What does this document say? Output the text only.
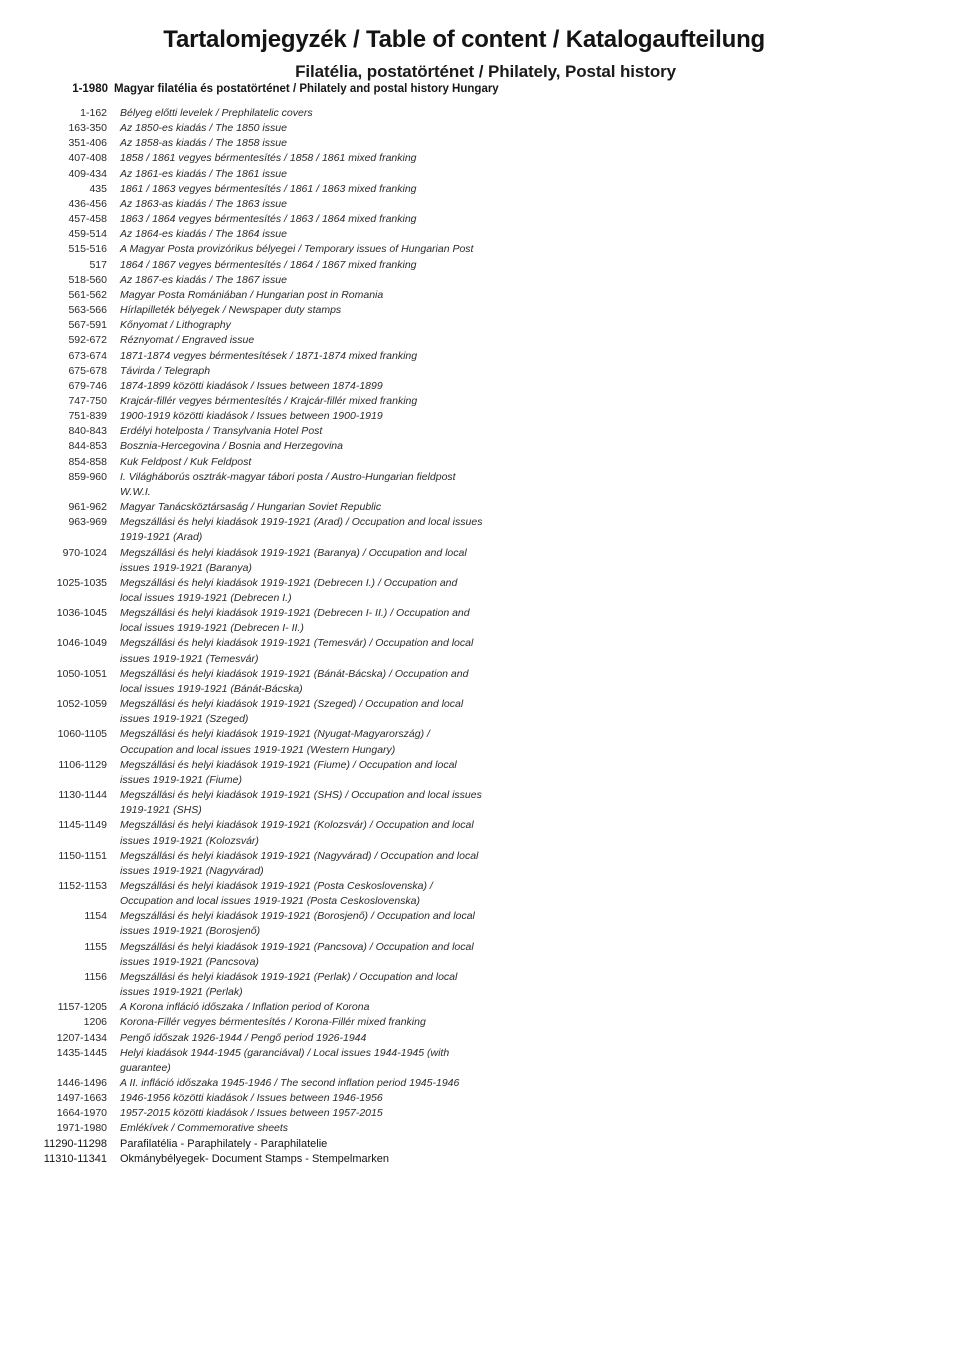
Tartalomjegyzék / Table of content / Katalogaufteilung
Filatélia, postatörténet / Philately, Postal history
1-1980 Magyar filatélia és postatörténet / Philately and postal history Hungary
1-162 Bélyeg előtti levelek / Prephilatelic covers
163-350 Az 1850-es kiadás / The 1850 issue
351-406 Az 1858-as kiadás / The 1858 issue
407-408 1858 / 1861 vegyes bérmentesítés / 1858 / 1861 mixed franking
409-434 Az 1861-es kiadás / The 1861 issue
435 1861 / 1863 vegyes bérmentesítés / 1861 / 1863 mixed franking
436-456 Az 1863-as kiadás / The 1863 issue
457-458 1863 / 1864 vegyes bérmentesítés / 1863 / 1864 mixed franking
459-514 Az 1864-es kiadás / The 1864 issue
515-516 A Magyar Posta provizórikus bélyegei / Temporary issues of Hungarian Post
517 1864 / 1867 vegyes bérmentesítés / 1864 / 1867 mixed franking
518-560 Az 1867-es kiadás / The 1867 issue
561-562 Magyar Posta Romániában / Hungarian post in Romania
563-566 Hírlapilleték bélyegek / Newspaper duty stamps
567-591 Kőnyomat / Lithography
592-672 Réznyomat / Engraved issue
673-674 1871-1874 vegyes bérmentesítések / 1871-1874 mixed franking
675-678 Távirda / Telegraph
679-746 1874-1899 közötti kiadások / Issues between 1874-1899
747-750 Krajcár-fillér vegyes bérmentesítés / Krajcár-fillér mixed franking
751-839 1900-1919 közötti kiadások / Issues between 1900-1919
840-843 Erdélyi hotelposta / Transylvania Hotel Post
844-853 Bosznia-Hercegovina / Bosnia and Herzegovina
854-858 Kuk Feldpost / Kuk Feldpost
859-960 I. Világháborús osztrák-magyar tábori posta / Austro-Hungarian fieldpost
W.W.I.
961-962 Magyar Tanácsköztársaság / Hungarian Soviet Republic
963-969 Megszállási és helyi kiadások 1919-1921 (Arad) / Occupation and local issues
1919-1921 (Arad)
970-1024 Megszállási és helyi kiadások 1919-1921 (Baranya) / Occupation and local
issues 1919-1921 (Baranya)
1025-1035 Megszállási és helyi kiadások 1919-1921 (Debrecen I.) / Occupation and
local issues 1919-1921 (Debrecen I.)
1036-1045 Megszállási és helyi kiadások 1919-1921 (Debrecen I- II.) / Occupation and
local issues 1919-1921 (Debrecen I- II.)
1046-1049 Megszállási és helyi kiadások 1919-1921 (Temesvár) / Occupation and local
issues 1919-1921 (Temesvár)
1050-1051 Megszállási és helyi kiadások 1919-1921 (Bánát-Bácska) / Occupation and
local issues 1919-1921 (Bánát-Bácska)
1052-1059 Megszállási és helyi kiadások 1919-1921 (Szeged) / Occupation and local
issues 1919-1921 (Szeged)
1060-1105 Megszállási és helyi kiadások 1919-1921 (Nyugat-Magyarország) /
Occupation and local issues 1919-1921 (Western Hungary)
1106-1129 Megszállási és helyi kiadások 1919-1921 (Fiume) / Occupation and local
issues 1919-1921 (Fiume)
1130-1144 Megszállási és helyi kiadások 1919-1921 (SHS) / Occupation and local issues
1919-1921 (SHS)
1145-1149 Megszállási és helyi kiadások 1919-1921 (Kolozsvár) / Occupation and local
issues 1919-1921 (Kolozsvár)
1150-1151 Megszállási és helyi kiadások 1919-1921 (Nagyvárad) / Occupation and local
issues 1919-1921 (Nagyvárad)
1152-1153 Megszállási és helyi kiadások 1919-1921 (Posta Ceskoslovenska) /
Occupation and local issues 1919-1921 (Posta Ceskoslovenska)
1154 Megszállási és helyi kiadások 1919-1921 (Borosjenő) / Occupation and local
issues 1919-1921 (Borosjenő)
1155 Megszállási és helyi kiadások 1919-1921 (Pancsova) / Occupation and local
issues 1919-1921 (Pancsova)
1156 Megszállási és helyi kiadások 1919-1921 (Perlak) / Occupation and local
issues 1919-1921 (Perlak)
1157-1205 A Korona infláció időszaka / Inflation period of Korona
1206 Korona-Fillér vegyes bérmentesítés / Korona-Fillér mixed franking
1207-1434 Pengő időszak 1926-1944 / Pengő period 1926-1944
1435-1445 Helyi kiadások 1944-1945 (garanciával) / Local issues 1944-1945 (with
guarantee)
1446-1496 A II. infláció időszaka 1945-1946 / The second inflation period 1945-1946
1497-1663 1946-1956 közötti kiadások / Issues between 1946-1956
1664-1970 1957-2015 közötti kiadások / Issues between 1957-2015
1971-1980 Emlékívek / Commemorative sheets
11290-11298 Parafilatélia - Paraphilately - Paraphilatelie
11310-11341 Okmánybélyegek- Document Stamps - Stempelmarken
